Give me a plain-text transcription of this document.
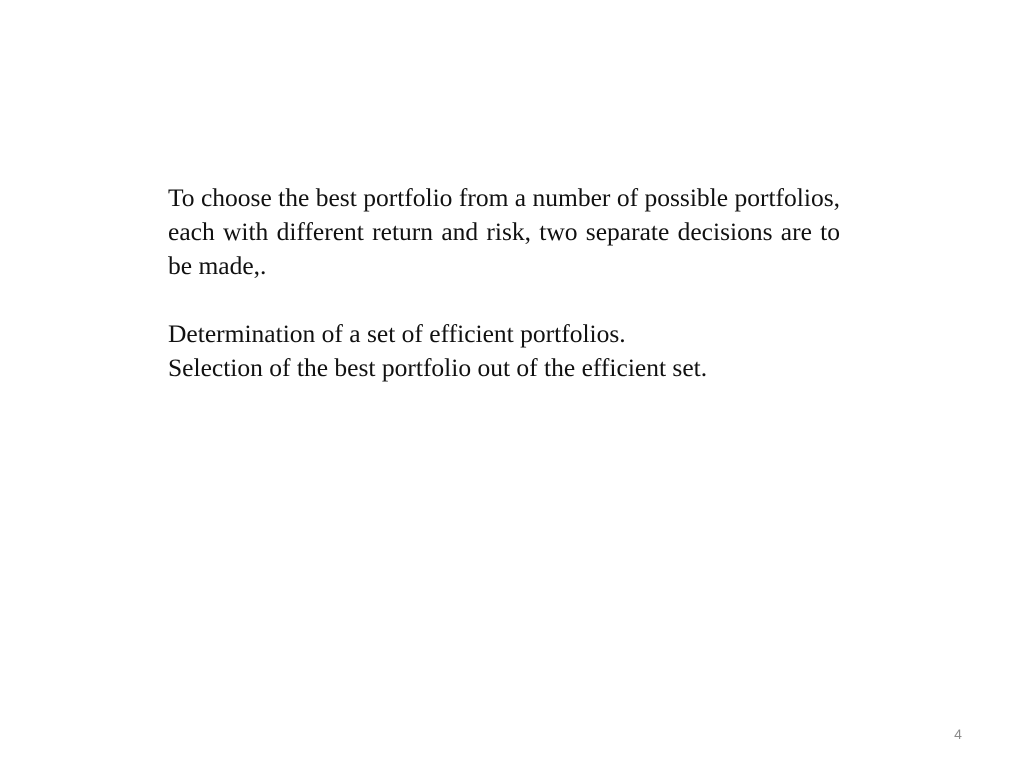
To choose the best portfolio from a number of possible portfolios, each with different return and risk, two separate decisions are to be made,.

Determination of a set of efficient portfolios.
Selection of the best portfolio out of the efficient set.
4
